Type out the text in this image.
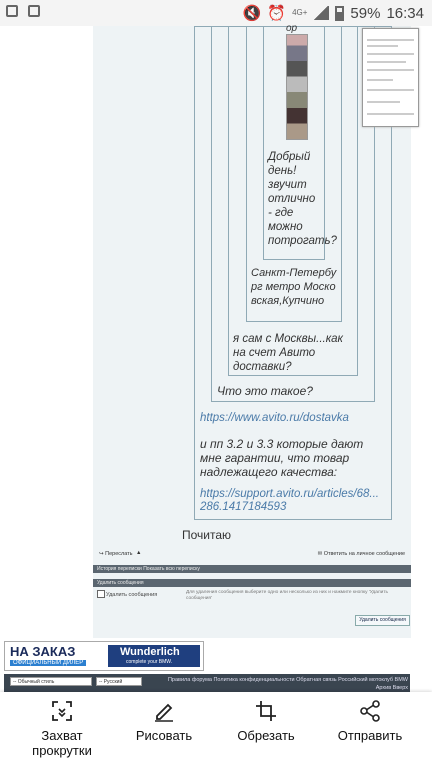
🔇 ⏰ 4G+	59% 16:34
ор
Добрый день! звучит отлично - где можно потрогать?
Санкт-Петербург метро Московская,Купчино
я сам с Москвы...как на счет Авито доставки?
Что это такое?
https://www.avito.ru/dostavka
и пп 3.2 и 3.3 которые дают мне гарантии, что товар надлежащего качества:
https://support.avito.ru/articles/68...286.1417184593
Почитаю
↪ Переслать ▲	✉ Ответить на личное сообщение
История переписки Показать всю переписку
Удалить сообщения
Удалить сообщения	Для удаления сообщения выберите одно или несколько из них и нажмите кнопку 'Удалить сообщения'
Удалить сообщения
НА ЗАКАЗ
ОФИЦИАЛЬНЫЙ ДИЛЕР
Wunderlich
complete your BMW.
-- Обычный стиль	-- Русский	Правила форума Политика конфиденциальности Обратная связь Российский мотоклуб BMW Архив Вверх
Захват прокрутки
Рисовать	Обрезать	Отправить
